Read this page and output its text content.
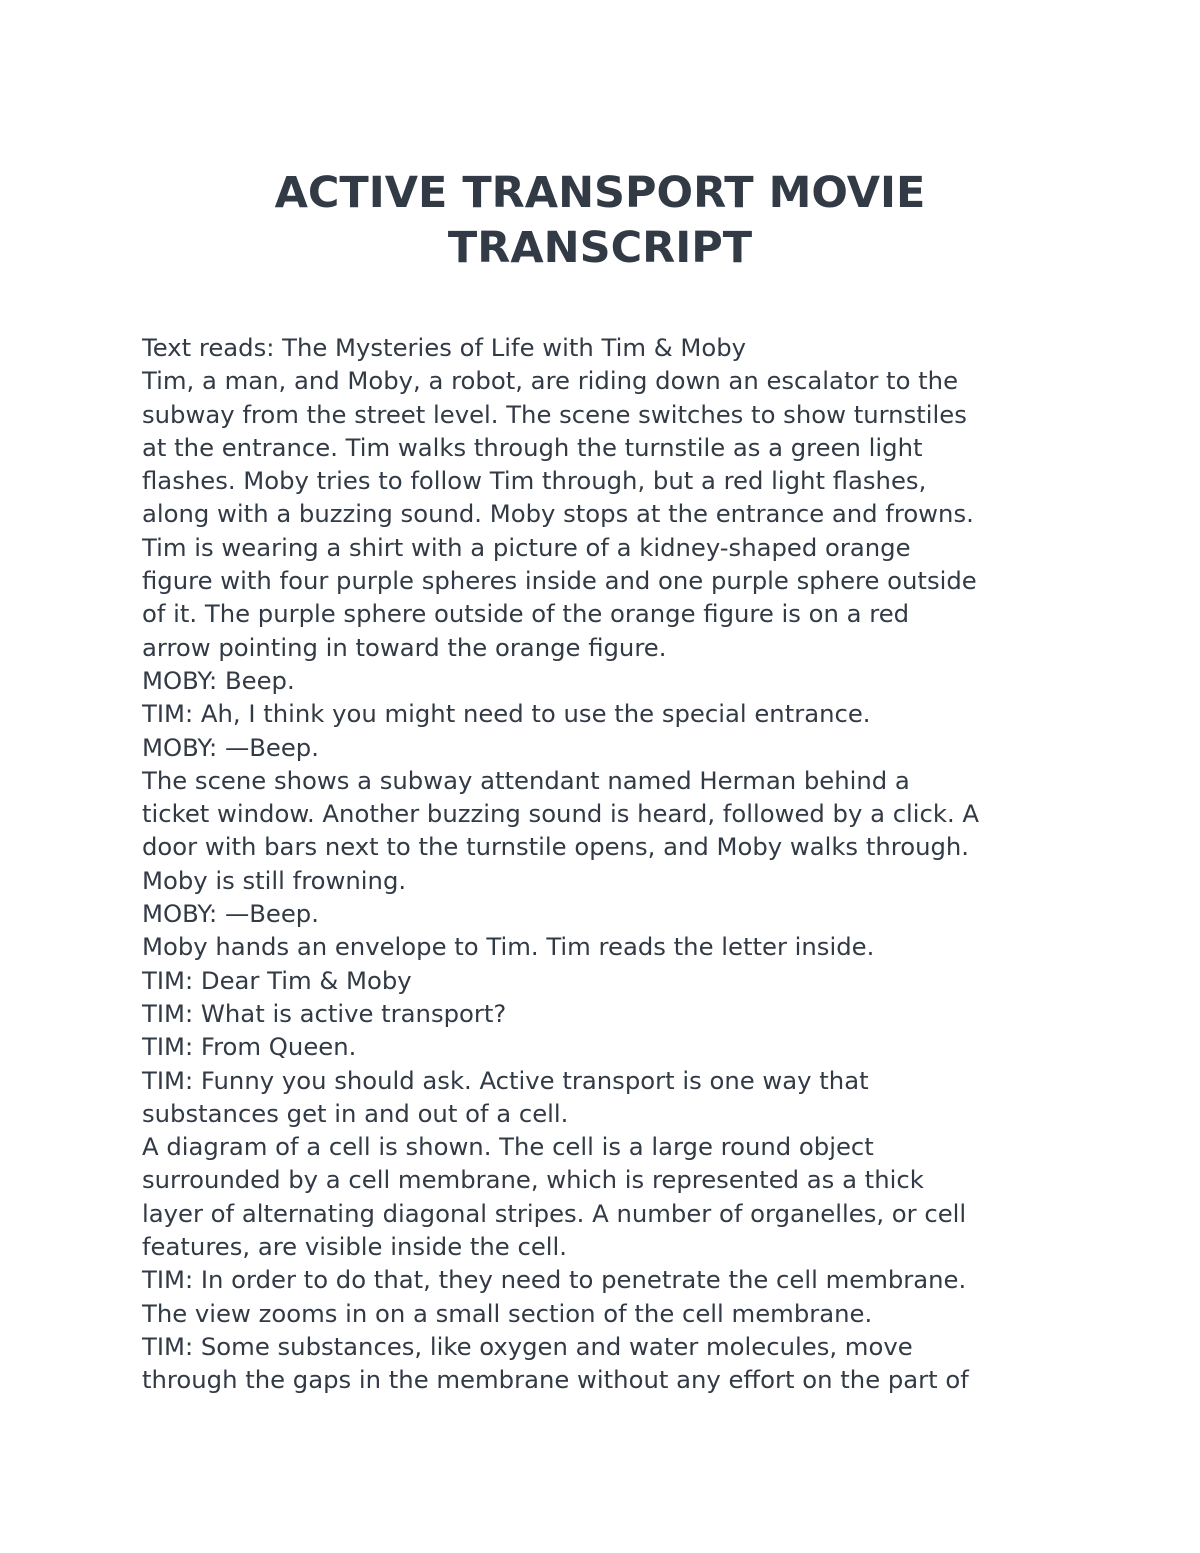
ACTIVE TRANSPORT MOVIE TRANSCRIPT
Text reads: The Mysteries of Life with Tim & Moby
Tim, a man, and Moby, a robot, are riding down an escalator to the
subway from the street level. The scene switches to show turnstiles
at the entrance. Tim walks through the turnstile as a green light
flashes. Moby tries to follow Tim through, but a red light flashes,
along with a buzzing sound. Moby stops at the entrance and frowns.
Tim is wearing a shirt with a picture of a kidney-shaped orange
figure with four purple spheres inside and one purple sphere outside
of it. The purple sphere outside of the orange figure is on a red
arrow pointing in toward the orange figure.
MOBY: Beep.
TIM: Ah, I think you might need to use the special entrance.
MOBY: —Beep.
The scene shows a subway attendant named Herman behind a
ticket window. Another buzzing sound is heard, followed by a click. A
door with bars next to the turnstile opens, and Moby walks through.
Moby is still frowning.
MOBY: —Beep.
Moby hands an envelope to Tim. Tim reads the letter inside.
TIM: Dear Tim & Moby
TIM: What is active transport?
TIM: From Queen.
TIM: Funny you should ask. Active transport is one way that
substances get in and out of a cell.
A diagram of a cell is shown. The cell is a large round object
surrounded by a cell membrane, which is represented as a thick
layer of alternating diagonal stripes. A number of organelles, or cell
features, are visible inside the cell.
TIM: In order to do that, they need to penetrate the cell membrane.
The view zooms in on a small section of the cell membrane.
TIM: Some substances, like oxygen and water molecules, move
through the gaps in the membrane without any effort on the part of
